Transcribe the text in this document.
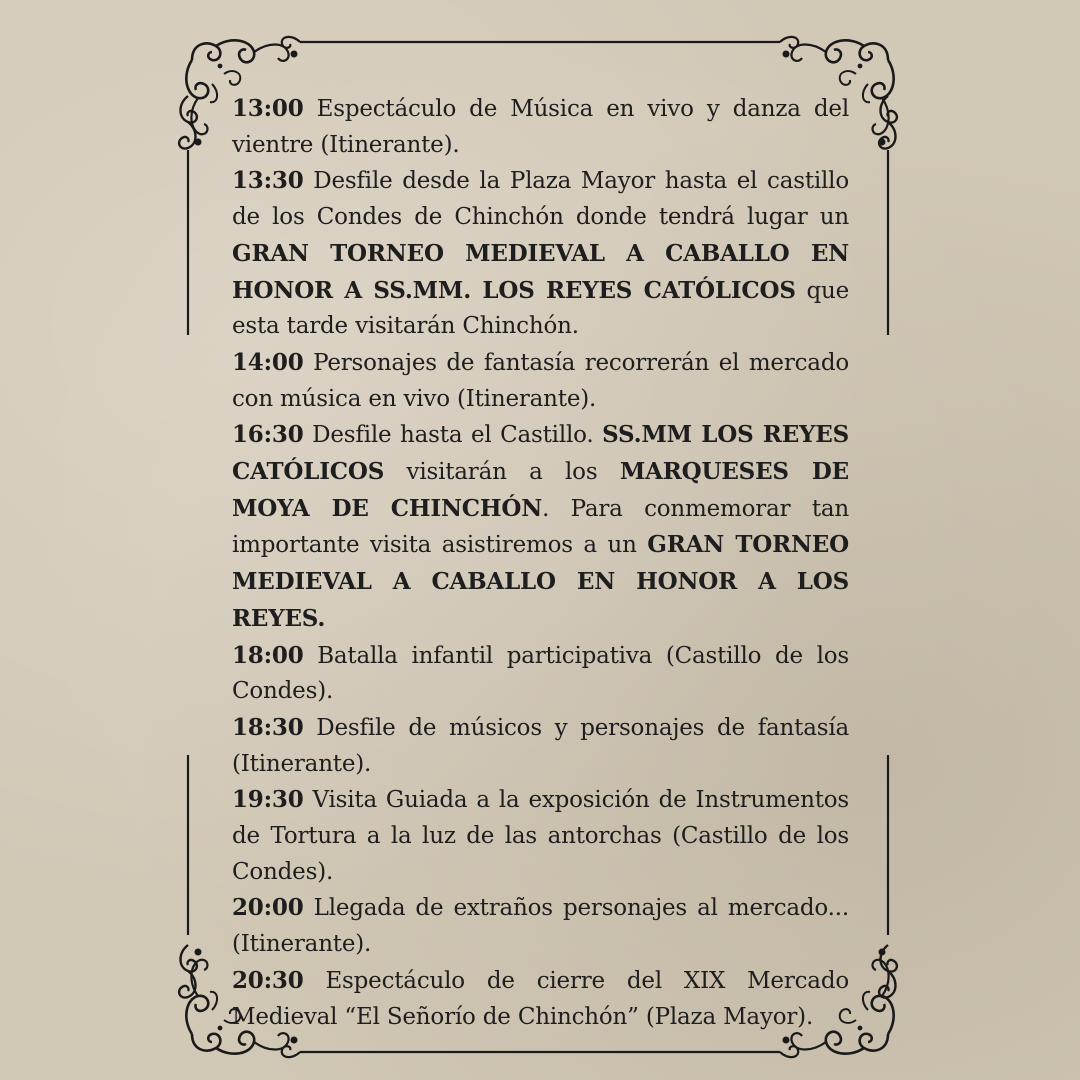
13:00 Espectáculo de Música en vivo y danza del vientre (Itinerante).

13:30 Desfile desde la Plaza Mayor hasta el castillo de los Condes de Chinchón donde tendrá lugar un GRAN TORNEO MEDIEVAL A CABALLO EN HONOR A SS.MM. LOS REYES CATÓLICOS que esta tarde visitarán Chinchón.

14:00 Personajes de fantasía recorrerán el mercado con música en vivo (Itinerante).

16:30 Desfile hasta el Castillo. SS.MM LOS REYES CATÓLICOS visitarán a los MARQUESES DE MOYA DE CHINCHÓN. Para conmemorar tan importante visita asistiremos a un GRAN TORNEO MEDIEVAL A CABALLO EN HONOR A LOS REYES.

18:00 Batalla infantil participativa (Castillo de los Condes).

18:30 Desfile de músicos y personajes de fantasía (Itinerante).

19:30 Visita Guiada a la exposición de Instrumentos de Tortura a la luz de las antorchas (Castillo de los Condes).

20:00 Llegada de extraños personajes al mercado... (Itinerante).

20:30 Espectáculo de cierre del XIX Mercado Medieval “El Señorío de Chinchón” (Plaza Mayor).
